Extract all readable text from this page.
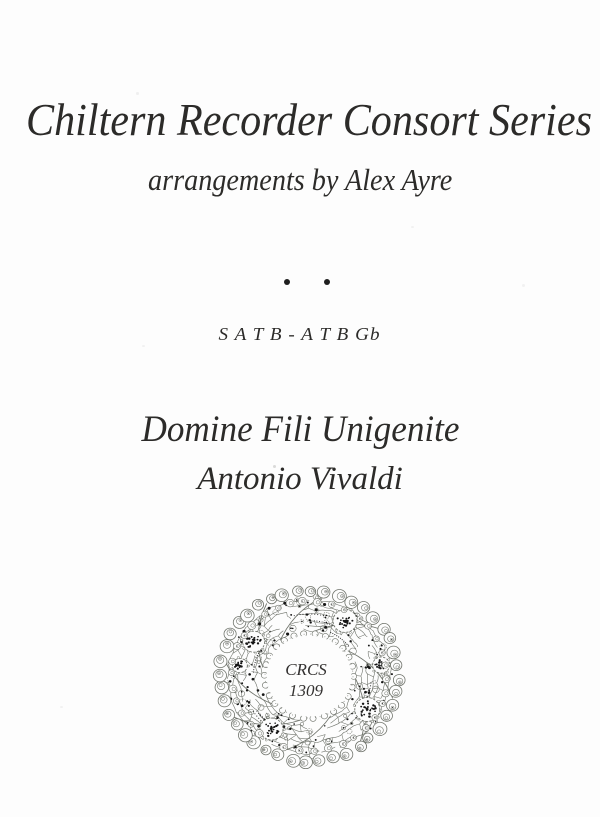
Chiltern Recorder Consort Series
arrangements by Alex Ayre
S A T B - A T B Gb
Domine Fili Unigenite
Antonio Vivaldi
CRCS
1309
